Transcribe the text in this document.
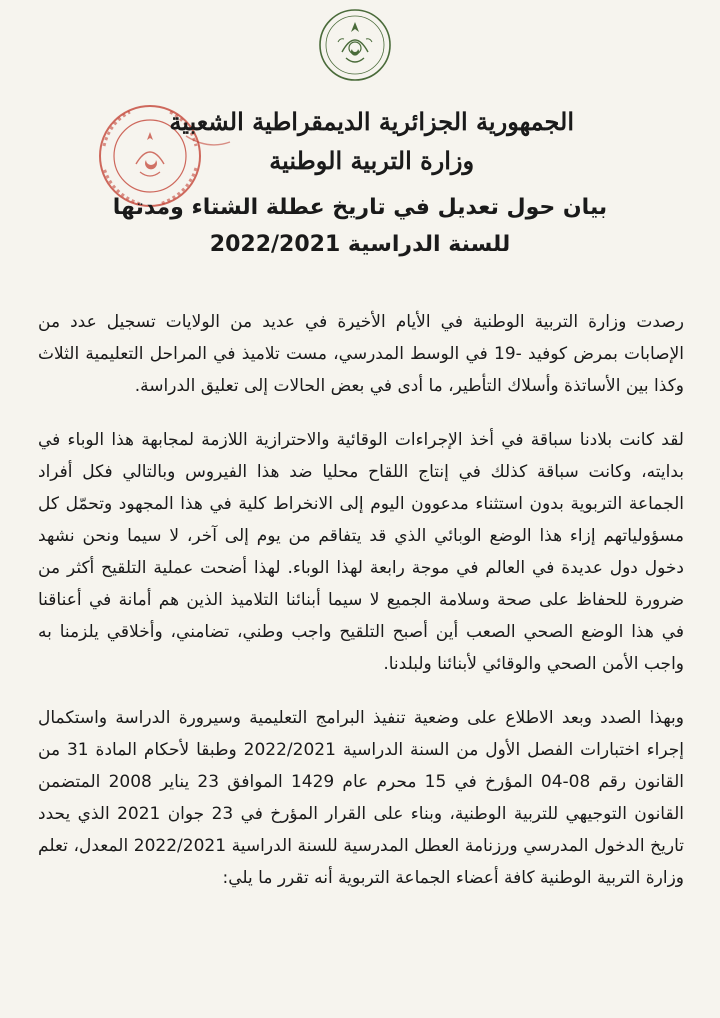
الجمهورية الجزائرية الديمقراطية الشعبية

وزارة التربية الوطنية

بيان حول تعديل في تاريخ عطلة الشتاء ومدتها

للسنة الدراسية 2022/2021

رصدت وزارة التربية الوطنية في الأيام الأخيرة في عديد من الولايات تسجيل عدد من الإصابات بمرض كوفيد -19 في الوسط المدرسي، مست تلاميذ في المراحل التعليمية الثلاث وكذا بين الأساتذة وأسلاك التأطير، ما أدى في بعض الحالات إلى تعليق الدراسة.

لقد كانت بلادنا سباقة في أخذ الإجراءات الوقائية والاحترازية اللازمة لمجابهة هذا الوباء في بدايته، وكانت سباقة كذلك في إنتاج اللقاح محليا ضد هذا الفيروس وبالتالي فكل أفراد الجماعة التربوية بدون استثناء مدعوون اليوم إلى الانخراط كلية في هذا المجهود وتحمّل كل مسؤولياتهم إزاء هذا الوضع الوبائي الذي قد يتفاقم من يوم إلى آخر، لا سيما ونحن نشهد دخول دول عديدة في العالم في موجة رابعة لهذا الوباء. لهذا أضحت عملية التلقيح أكثر من ضرورة للحفاظ على صحة وسلامة الجميع لا سيما أبنائنا التلاميذ الذين هم أمانة في أعناقنا في هذا الوضع الصحي الصعب أين أصبح التلقيح واجب وطني، تضامني، وأخلاقي يلزمنا به واجب الأمن الصحي والوقائي لأبنائنا ولبلدنا.

وبهذا الصدد وبعد الاطلاع على وضعية تنفيذ البرامج التعليمية وسيرورة الدراسة واستكمال إجراء اختبارات الفصل الأول من السنة الدراسية 2022/2021 وطبقا لأحكام المادة 31 من القانون رقم 08-04 المؤرخ في 15 محرم عام 1429 الموافق 23 يناير 2008 المتضمن القانون التوجيهي للتربية الوطنية، وبناء على القرار المؤرخ في 23 جوان 2021 الذي يحدد تاريخ الدخول المدرسي ورزنامة العطل المدرسية للسنة الدراسية 2022/2021 المعدل، تعلم وزارة التربية الوطنية كافة أعضاء الجماعة التربوية أنه تقرر ما يلي:
